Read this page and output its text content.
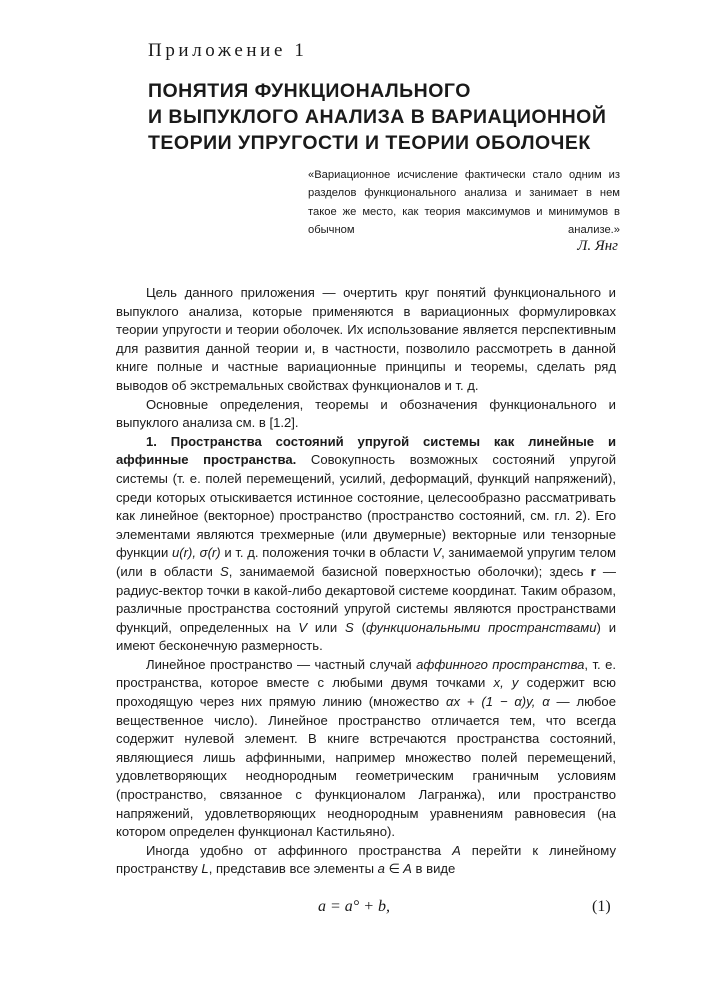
Приложение 1
ПОНЯТИЯ ФУНКЦИОНАЛЬНОГО
И ВЫПУКЛОГО АНАЛИЗА В ВАРИАЦИОННОЙ
ТЕОРИИ УПРУГОСТИ И ТЕОРИИ ОБОЛОЧЕК
«Вариационное исчисление фактически стало одним из разделов функционального анализа и занимает в нем такое же место, как теория максимумов и минимумов в обычном анализе.»
Л. Янг

Цель данного приложения — очертить круг понятий функционального и выпуклого анализа, которые применяются в вариационных формулировках теории упругости и теории оболочек. Их использование является перспективным для развития данной теории и, в частности, позволило рассмотреть в данной книге полные и частные вариационные принципы и теоремы, сделать ряд выводов об экстремальных свойствах функционалов и т. д.

Основные определения, теоремы и обозначения функционального и выпуклого анализа см. в [1.2].

1. Пространства состояний упругой системы как линейные и аффинные пространства. Совокупность возможных состояний упругой системы (т. е. полей перемещений, усилий, деформаций, функций напряжений), среди которых отыскивается истинное состояние, целесообразно рассматривать как линейное (векторное) пространство (пространство состояний, см. гл. 2). Его элементами являются трехмерные (или двумерные) векторные или тензорные функции u(r), σ(r) и т. д. положения точки в области V, занимаемой упругим телом (или в области S, занимаемой базисной поверхностью оболочки); здесь r — радиус-вектор точки в какой-либо декартовой системе координат. Таким образом, различные пространства состояний упругой системы являются пространствами функций, определенных на V или S (функциональными пространствами) и имеют бесконечную размерность.

Линейное пространство — частный случай аффинного пространства, т. е. пространства, которое вместе с любыми двумя точками x, y содержит всю проходящую через них прямую линию (множество αx + (1 − α)y, α — любое вещественное число). Линейное пространство отличается тем, что всегда содержит нулевой элемент. В книге встречаются пространства состояний, являющиеся лишь аффинными, например множество полей перемещений, удовлетворяющих неоднородным геометрическим граничным условиям (пространство, связанное с функционалом Лагранжа), или пространство напряжений, удовлетворяющих неоднородным уравнениям равновесия (на котором определен функционал Кастильяно).

Иногда удобно от аффинного пространства A перейти к линейному пространству L, представив все элементы a ∈ A в виде

a = a° + b,	(1)
